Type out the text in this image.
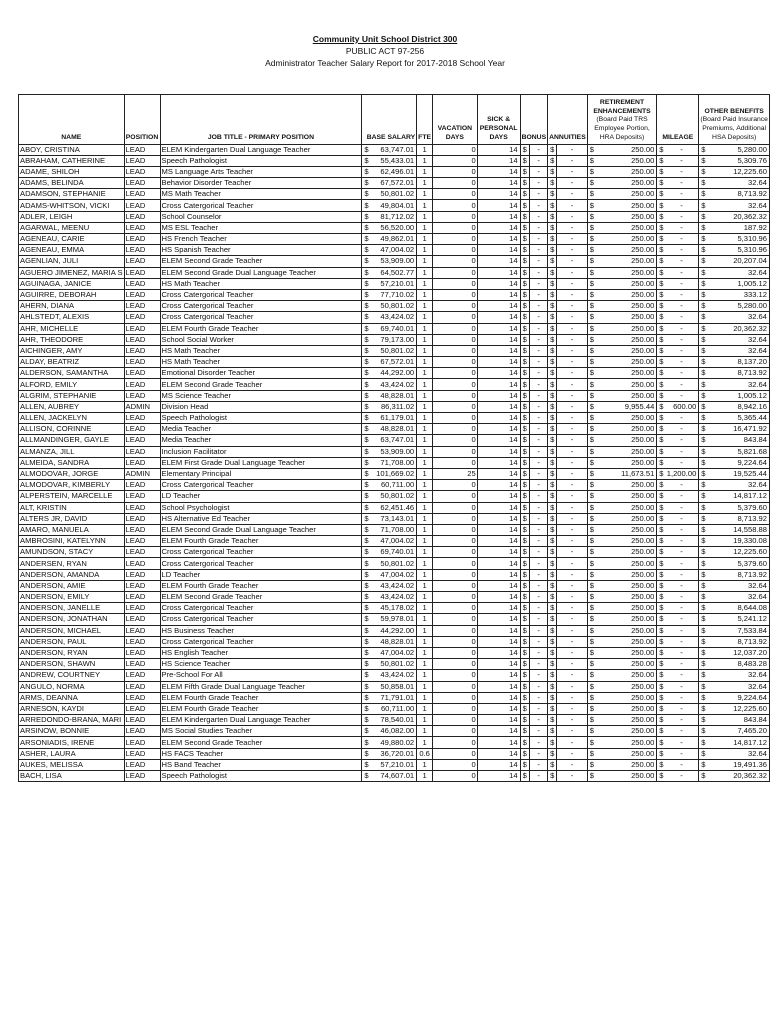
Community Unit School District 300
PUBLIC ACT 97-256
Administrator Teacher Salary Report for 2017-2018 School Year
NAME	POSITION	JOB TITLE - PRIMARY POSITION	BASE SALARY		FTE	VACATION
DAYS	SICK &
PERSONAL
DAYS	BONUS		ANNUITIES		RETIREMENT
ENHANCEMENTS
(Board Paid TRS
Employee Portion,
HRA Deposits)		MILEAGE		OTHER BENEFITS
(Board Paid Insurance
Premiums, Additional
HSA Deposits)	

ABOY, CRISTINA	LEAD	ELEM Kindergarten Dual Language Teacher	$	63,747.01	1	0	14	$	-	$	-	$	250.00	$	-	$	5,280.00
ABRAHAM, CATHERINE	LEAD	Speech Pathologist	$	55,433.01	1	0	14	$	-	$	-	$	250.00	$	-	$	5,309.76
ADAME, SHILOH	LEAD	MS Language Arts Teacher	$	62,496.01	1	0	14	$	-	$	-	$	250.00	$	-	$	12,225.60
ADAMS, BELINDA	LEAD	Behavior Disorder Teacher	$	67,572.01	1	0	14	$	-	$	-	$	250.00	$	-	$	32.64
ADAMSON, STEPHANIE	LEAD	MS Math Teacher	$	50,801.02	1	0	14	$	-	$	-	$	250.00	$	-	$	8,713.92
ADAMS-WHITSON, VICKI	LEAD	Cross Catergorical Teacher	$	49,804.01	1	0	14	$	-	$	-	$	250.00	$	-	$	32.64
ADLER, LEIGH	LEAD	School Counselor	$	81,712.02	1	0	14	$	-	$	-	$	250.00	$	-	$	20,362.32
AGARWAL, MEENU	LEAD	MS ESL Teacher	$	56,520.00	1	0	14	$	-	$	-	$	250.00	$	-	$	187.92
AGENEAU, CARIE	LEAD	HS French Teacher	$	49,862.01	1	0	14	$	-	$	-	$	250.00	$	-	$	5,310.96
AGENEAU, EMMA	LEAD	HS Spanish Teacher	$	47,004.02	1	0	14	$	-	$	-	$	250.00	$	-	$	5,310.96
AGENLIAN, JULI	LEAD	ELEM Second Grade Teacher	$	53,909.00	1	0	14	$	-	$	-	$	250.00	$	-	$	20,207.04
AGUERO JIMENEZ, MARIA S	LEAD	ELEM Second Grade Dual Language Teacher	$	64,502.77	1	0	14	$	-	$	-	$	250.00	$	-	$	32.64
AGUINAGA, JANICE	LEAD	HS Math Teacher	$	57,210.01	1	0	14	$	-	$	-	$	250.00	$	-	$	1,005.12
AGUIRRE, DEBORAH	LEAD	Cross Catergorical Teacher	$	77,710.02	1	0	14	$	-	$	-	$	250.00	$	-	$	333.12
AHERN, DIANA	LEAD	Cross Catergorical Teacher	$	50,801.02	1	0	14	$	-	$	-	$	250.00	$	-	$	5,280.00
AHLSTEDT, ALEXIS	LEAD	Cross Catergorical Teacher	$	43,424.02	1	0	14	$	-	$	-	$	250.00	$	-	$	32.64
AHR, MICHELLE	LEAD	ELEM Fourth Grade Teacher	$	69,740.01	1	0	14	$	-	$	-	$	250.00	$	-	$	20,362.32
AHR, THEODORE	LEAD	School Social Worker	$	79,173.00	1	0	14	$	-	$	-	$	250.00	$	-	$	32.64
AICHINGER, AMY	LEAD	HS Math Teacher	$	50,801.02	1	0	14	$	-	$	-	$	250.00	$	-	$	32.64
ALDAY, BEATRIZ	LEAD	HS Math Teacher	$	67,572.01	1	0	14	$	-	$	-	$	250.00	$	-	$	8,137.20
ALDERSON, SAMANTHA	LEAD	Emotional Disorder Teacher	$	44,292.00	1	0	14	$	-	$	-	$	250.00	$	-	$	8,713.92
ALFORD, EMILY	LEAD	ELEM Second Grade Teacher	$	43,424.02	1	0	14	$	-	$	-	$	250.00	$	-	$	32.64
ALGRIM, STEPHANIE	LEAD	MS Science Teacher	$	48,828.01	1	0	14	$	-	$	-	$	250.00	$	-	$	1,005.12
ALLEN, AUBREY	ADMIN	Division Head	$	86,311.02	1	0	14	$	-	$	-	$	9,955.44	$	600.00	$	8,942.16
ALLEN, JACKELYN	LEAD	Speech Pathologist	$	61,179.01	1	0	14	$	-	$	-	$	250.00	$	-	$	5,365.44
ALLISON, CORINNE	LEAD	Media Teacher	$	48,828.01	1	0	14	$	-	$	-	$	250.00	$	-	$	16,471.92
ALLMANDINGER, GAYLE	LEAD	Media Teacher	$	63,747.01	1	0	14	$	-	$	-	$	250.00	$	-	$	843.84
ALMANZA, JILL	LEAD	Inclusion Facilitator	$	53,909.00	1	0	14	$	-	$	-	$	250.00	$	-	$	5,821.68
ALMEIDA, SANDRA	LEAD	ELEM First Grade Dual Language Teacher	$	71,708.00	1	0	14	$	-	$	-	$	250.00	$	-	$	9,224.64
ALMODOVAR, JORGE	ADMIN	Elementary Principal	$	101,669.02	1	25	14	$	-	$	-	$	11,673.51	$	1,200.00	$	19,525.44
ALMODOVAR, KIMBERLY	LEAD	Cross Catergorical Teacher	$	60,711.00	1	0	14	$	-	$	-	$	250.00	$	-	$	32.64
ALPERSTEIN, MARCELLE	LEAD	LD Teacher	$	50,801.02	1	0	14	$	-	$	-	$	250.00	$	-	$	14,817.12
ALT, KRISTIN	LEAD	School Psychologist	$	62,451.46	1	0	14	$	-	$	-	$	250.00	$	-	$	5,379.60
ALTERS JR, DAVID	LEAD	HS Alternative Ed Teacher	$	73,143.01	1	0	14	$	-	$	-	$	250.00	$	-	$	8,713.92
AMARO, MANUELA	LEAD	ELEM Second Grade Dual Language Teacher	$	71,708.00	1	0	14	$	-	$	-	$	250.00	$	-	$	14,558.88
AMBROSINI, KATELYNN	LEAD	ELEM Fourth Grade Teacher	$	47,004.02	1	0	14	$	-	$	-	$	250.00	$	-	$	19,330.08
AMUNDSON, STACY	LEAD	Cross Catergorical Teacher	$	69,740.01	1	0	14	$	-	$	-	$	250.00	$	-	$	12,225.60
ANDERSEN, RYAN	LEAD	Cross Catergorical Teacher	$	50,801.02	1	0	14	$	-	$	-	$	250.00	$	-	$	5,379.60
ANDERSON, AMANDA	LEAD	LD Teacher	$	47,004.02	1	0	14	$	-	$	-	$	250.00	$	-	$	8,713.92
ANDERSON, AMIE	LEAD	ELEM Fourth Grade Teacher	$	43,424.02	1	0	14	$	-	$	-	$	250.00	$	-	$	32.64
ANDERSON, EMILY	LEAD	ELEM Second Grade Teacher	$	43,424.02	1	0	14	$	-	$	-	$	250.00	$	-	$	32.64
ANDERSON, JANELLE	LEAD	Cross Catergorical Teacher	$	45,178.02	1	0	14	$	-	$	-	$	250.00	$	-	$	8,644.08
ANDERSON, JONATHAN	LEAD	Cross Catergorical Teacher	$	59,978.01	1	0	14	$	-	$	-	$	250.00	$	-	$	5,241.12
ANDERSON, MICHAEL	LEAD	HS Business Teacher	$	44,292.00	1	0	14	$	-	$	-	$	250.00	$	-	$	7,533.84
ANDERSON, PAUL	LEAD	Cross Catergorical Teacher	$	48,828.01	1	0	14	$	-	$	-	$	250.00	$	-	$	8,713.92
ANDERSON, RYAN	LEAD	HS English Teacher	$	47,004.02	1	0	14	$	-	$	-	$	250.00	$	-	$	12,037.20
ANDERSON, SHAWN	LEAD	HS Science Teacher	$	50,801.02	1	0	14	$	-	$	-	$	250.00	$	-	$	8,483.28
ANDREW, COURTNEY	LEAD	Pre-School For All	$	43,424.02	1	0	14	$	-	$	-	$	250.00	$	-	$	32.64
ANGULO, NORMA	LEAD	ELEM Fifth Grade Dual Language Teacher	$	50,858.01	1	0	14	$	-	$	-	$	250.00	$	-	$	32.64
ARMS, DEANNA	LEAD	ELEM Fourth Grade Teacher	$	71,791.01	1	0	14	$	-	$	-	$	250.00	$	-	$	9,224.64
ARNESON, KAYDI	LEAD	ELEM Fourth Grade Teacher	$	60,711.00	1	0	14	$	-	$	-	$	250.00	$	-	$	12,225.60
ARREDONDO-BRANA, MARI	LEAD	ELEM Kindergarten Dual Language Teacher	$	78,540.01	1	0	14	$	-	$	-	$	250.00	$	-	$	843.84
ARSINOW, BONNIE	LEAD	MS Social Studies Teacher	$	46,082.00	1	0	14	$	-	$	-	$	250.00	$	-	$	7,465.20
ARSONIADIS, IRENE	LEAD	ELEM Second Grade Teacher	$	49,880.02	1	0	14	$	-	$	-	$	250.00	$	-	$	14,817.12
ASHER, LAURA	LEAD	HS FACS Teacher	$	36,720.01	0.6	0	14	$	-	$	-	$	250.00	$	-	$	32.64
AUKES, MELISSA	LEAD	HS Band Teacher	$	57,210.01	1	0	14	$	-	$	-	$	250.00	$	-	$	19,491.36
BACH, LISA	LEAD	Speech Pathologist	$	74,607.01	1	0	14	$	-	$	-	$	250.00	$	-	$	20,362.32
